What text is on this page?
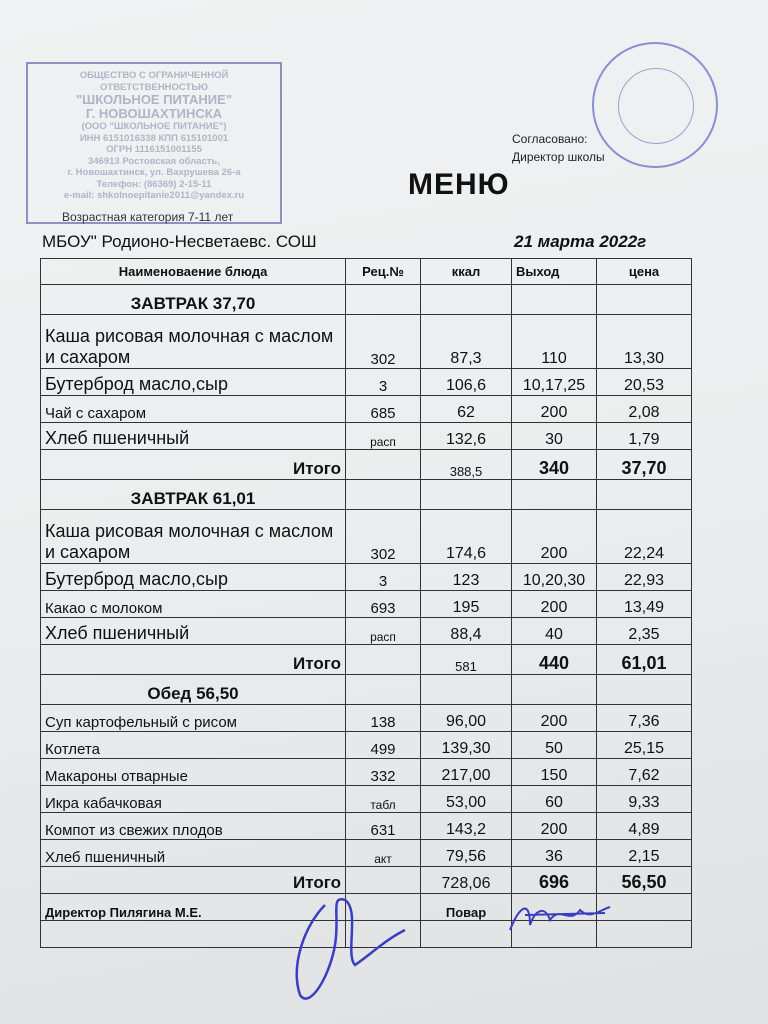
ОБЩЕСТВО С ОГРАНИЧЕННОЙ
ОТВЕТСТВЕННОСТЬЮ
"ШКОЛЬНОЕ ПИТАНИЕ"
Г. НОВОШАХТИНСКА
(ООО "ШКОЛЬНОЕ ПИТАНИЕ")
ИНН 6151016338 КПП 615101001
ОГРН 1116151001155
346913 Ростовская область,
г. Новошахтинск, ул. Вахрушева 26-а
Телефон: (86369) 2-15-11
e-mail: shkolnoepitanie2011@yandex.ru
Возрастная категория 7-11 лет
Согласовано:
Директор школы
МЕНЮ
МБОУ" Родионо-Несветаевс. СОШ	21 марта 2022г
Наименоваение блюда	Рец.№	ккал	Выход	цена
ЗАВТРАК 37,70				
Каша рисовая молочная с маслом и сахаром	302	87,3	110	13,30
Бутерброд масло,сыр	3	106,6	10,17,25	20,53
Чай с сахаром	685	62	200	2,08
Хлеб пшеничный	расп	132,6	30	1,79
Итого		388,5	340	37,70
ЗАВТРАК 61,01				
Каша рисовая молочная с маслом и сахаром	302	174,6	200	22,24
Бутерброд масло,сыр	3	123	10,20,30	22,93
Какао с молоком	693	195	200	13,49
Хлеб пшеничный	расп	88,4	40	2,35
Итого		581	440	61,01
Обед 56,50				
Суп картофельный с рисом	138	96,00	200	7,36
Котлета	499	139,30	50	25,15
Макароны отварные	332	217,00	150	7,62
Икра кабачковая	табл	53,00	60	9,33
Компот из свежих плодов	631	143,2	200	4,89
Хлеб пшеничный	акт	79,56	36	2,15
Итого		728,06	696	56,50
Директор Пилягина М.Е.		Повар		
